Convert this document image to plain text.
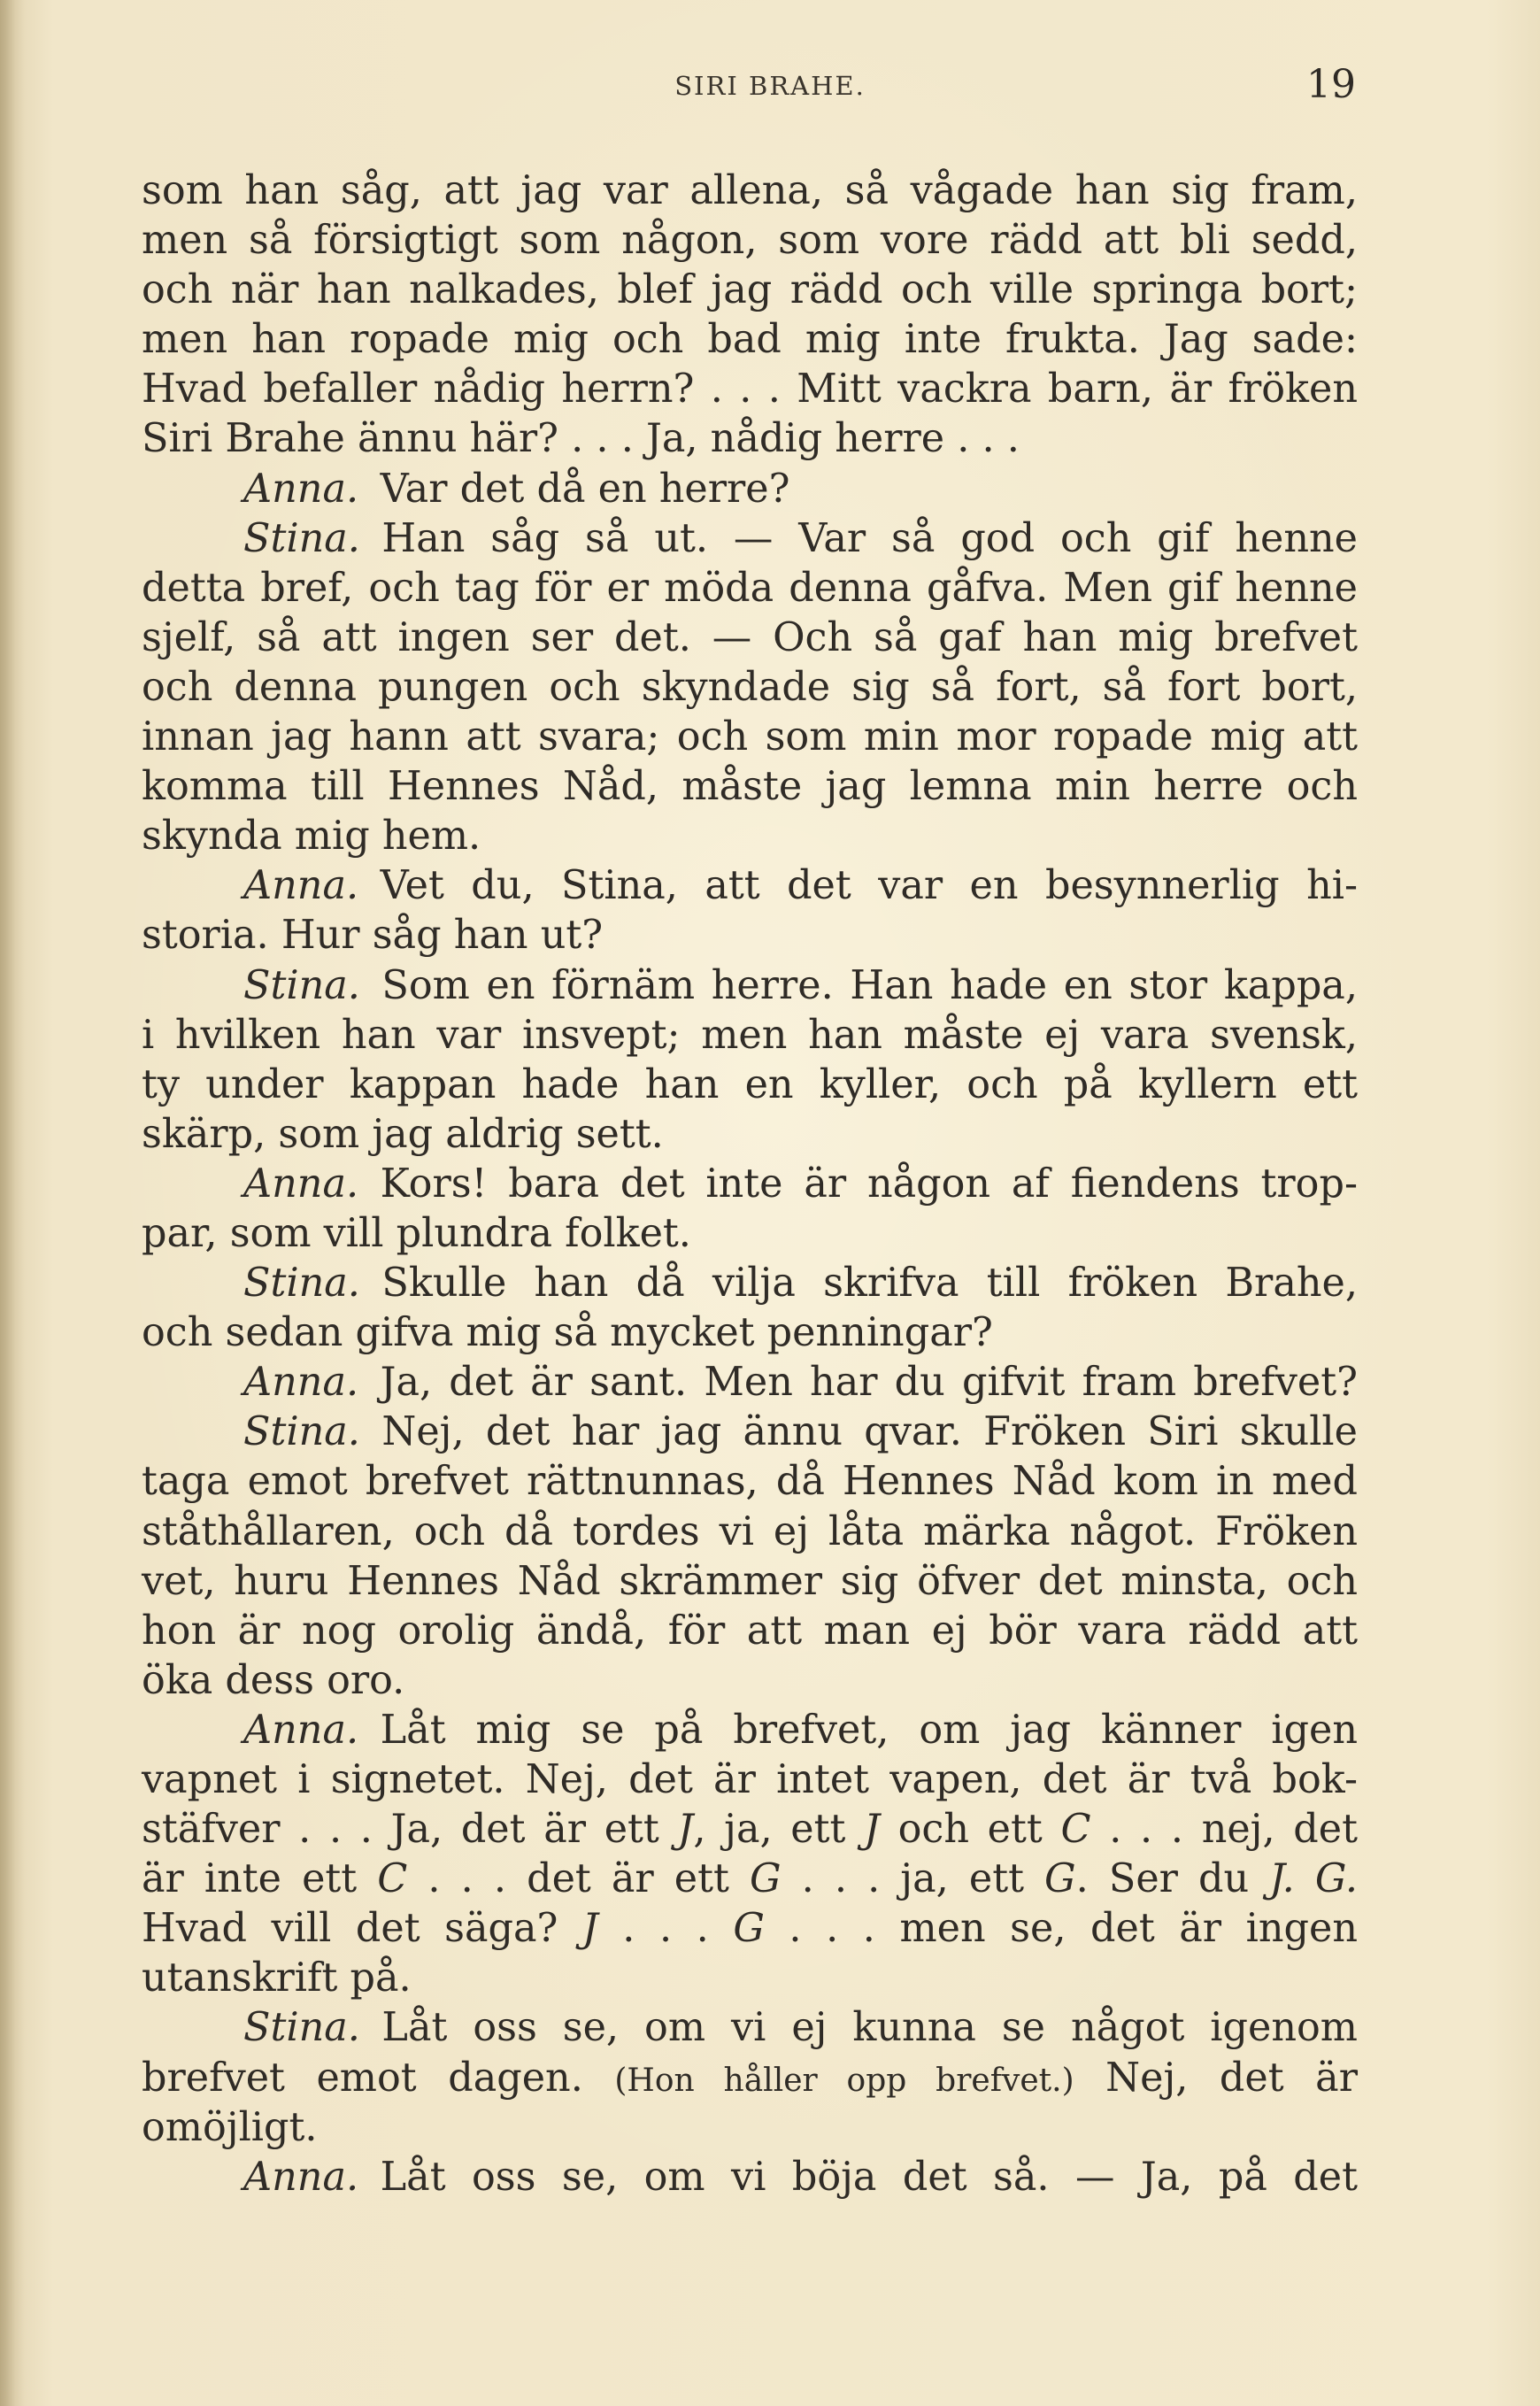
SIRI BRAHE.	19
som han såg, att jag var allena, så vågade han sig fram,
men så försigtigt som någon, som vore rädd att bli sedd,
och när han nalkades, blef jag rädd och ville springa bort;
men han ropade mig och bad mig inte frukta. Jag sade:
Hvad befaller nådig herrn? . . . Mitt vackra barn, är fröken
Siri Brahe ännu här? . . . Ja, nådig herre . . .
Anna. Var det då en herre?
Stina. Han såg så ut. — Var så god och gif henne
detta bref, och tag för er möda denna gåfva. Men gif henne
sjelf, så att ingen ser det. — Och så gaf han mig brefvet
och denna pungen och skyndade sig så fort, så fort bort,
innan jag hann att svara; och som min mor ropade mig att
komma till Hennes Nåd, måste jag lemna min herre och
skynda mig hem.
Anna. Vet du, Stina, att det var en besynnerlig hi-
storia. Hur såg han ut?
Stina. Som en förnäm herre. Han hade en stor kappa,
i hvilken han var insvept; men han måste ej vara svensk,
ty under kappan hade han en kyller, och på kyllern ett
skärp, som jag aldrig sett.
Anna. Kors! bara det inte är någon af fiendens trop-
par, som vill plundra folket.
Stina. Skulle han då vilja skrifva till fröken Brahe,
och sedan gifva mig så mycket penningar?
Anna. Ja, det är sant. Men har du gifvit fram brefvet?
Stina. Nej, det har jag ännu qvar. Fröken Siri skulle
taga emot brefvet rättnunnas, då Hennes Nåd kom in med
ståthållaren, och då tordes vi ej låta märka något. Fröken
vet, huru Hennes Nåd skrämmer sig öfver det minsta, och
hon är nog orolig ändå, för att man ej bör vara rädd att
öka dess oro.
Anna. Låt mig se på brefvet, om jag känner igen
vapnet i signetet. Nej, det är intet vapen, det är två bok-
stäfver . . . Ja, det är ett J, ja, ett J och ett C . . . nej, det
är inte ett C . . . det är ett G . . . ja, ett G. Ser du J. G.
Hvad vill det säga? J . . . G . . . men se, det är ingen
utanskrift på.
Stina. Låt oss se, om vi ej kunna se något igenom
brefvet emot dagen. (Hon håller opp brefvet.) Nej, det är
omöjligt.
Anna. Låt oss se, om vi böja det så. — Ja, på det
